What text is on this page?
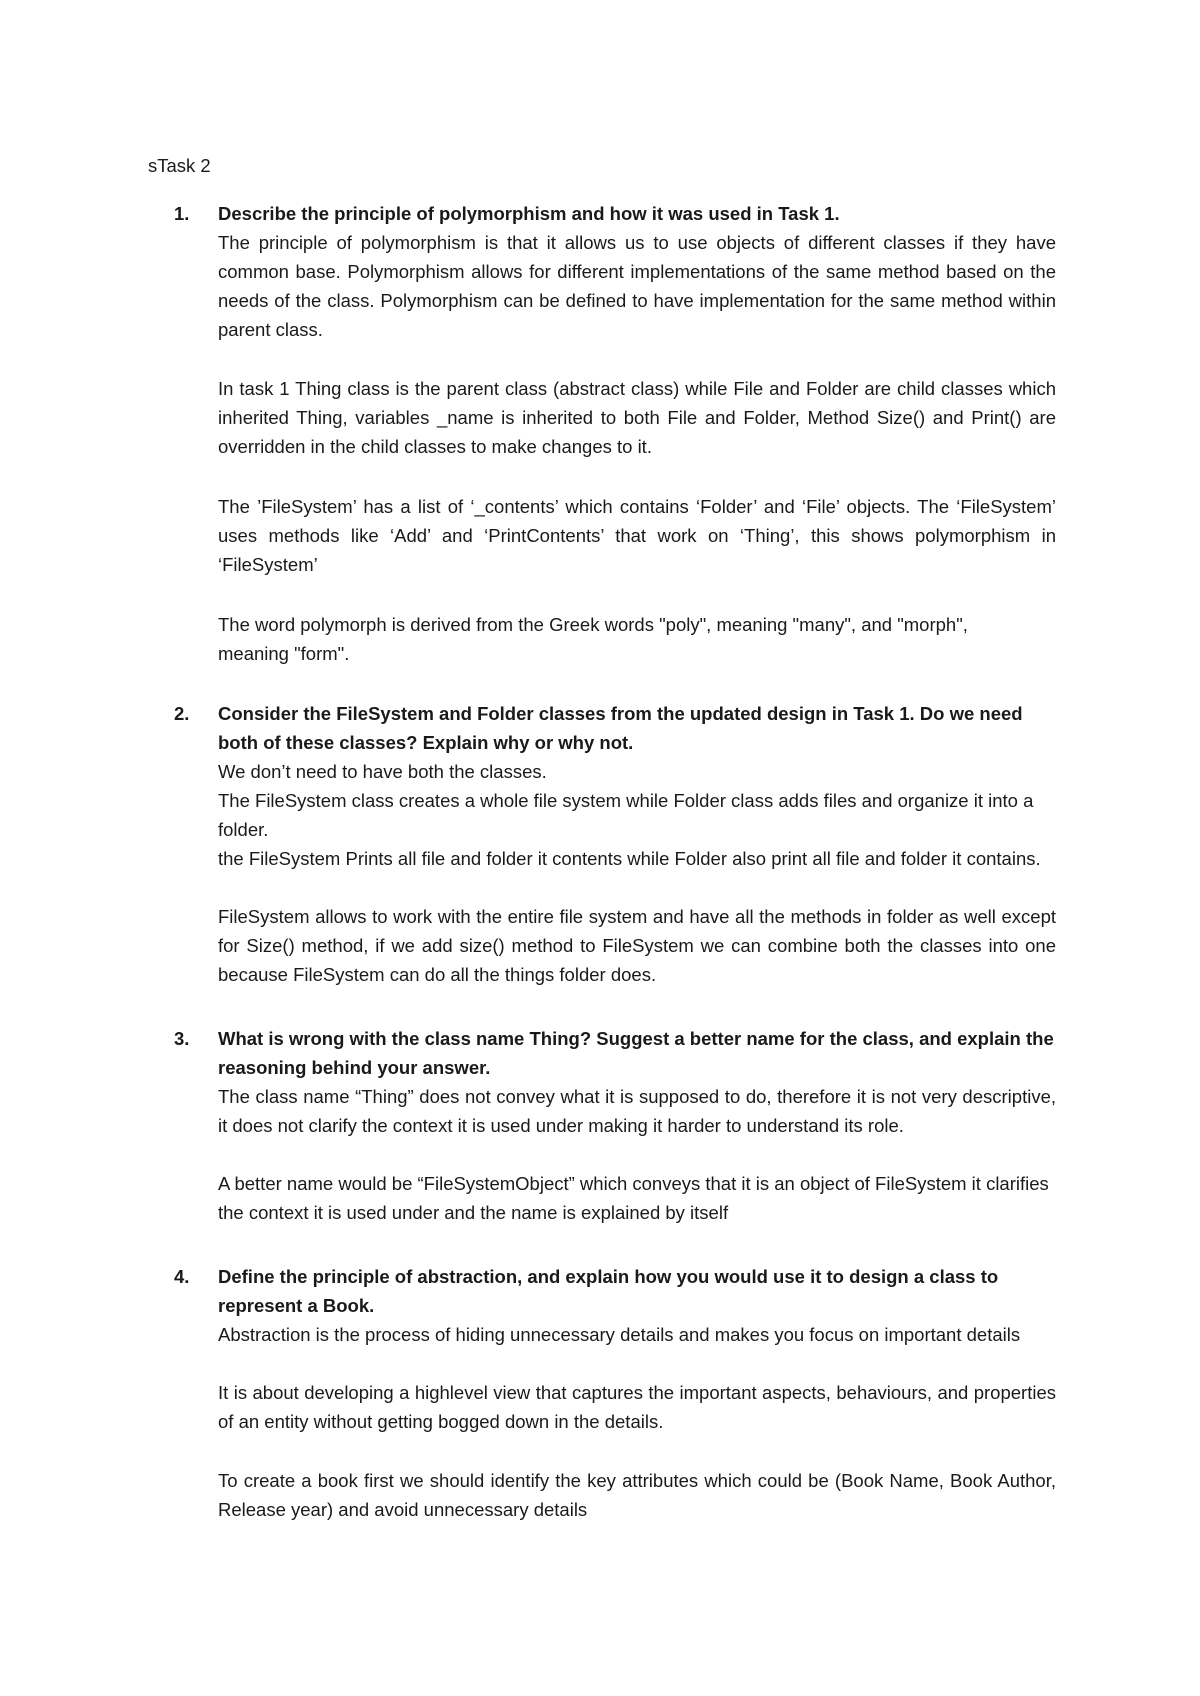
sTask 2
1. Describe the principle of polymorphism and how it was used in Task 1.

The principle of polymorphism is that it allows us to use objects of different classes if they have common base. Polymorphism allows for different implementations of the same method based on the needs of the class. Polymorphism can be defined to have implementation for the same method within parent class.

In task 1 Thing class is the parent class (abstract class) while File and Folder are child classes which inherited Thing, variables _name is inherited to both File and Folder, Method Size() and Print() are overridden in the child classes to make changes to it.

The ’FileSystem’ has a list of ‘_contents’ which contains ‘Folder’ and ‘File’ objects. The ‘FileSystem’ uses methods like ‘Add’ and ‘PrintContents’ that work on ‘Thing’, this shows polymorphism in ‘FileSystem’

The word polymorph is derived from the Greek words "poly", meaning "many", and "morph", meaning "form".

2. Consider the FileSystem and Folder classes from the updated design in Task 1. Do we need both of these classes? Explain why or why not.

We don’t need to have both the classes.

The FileSystem class creates a whole file system while Folder class adds files and organize it into a folder.

the FileSystem Prints all file and folder it contents while Folder also print all file and folder it contains.

FileSystem allows to work with the entire file system and have all the methods in folder as well except for Size() method, if we add size() method to FileSystem we can combine both the classes into one because FileSystem can do all the things folder does.

3. What is wrong with the class name Thing? Suggest a better name for the class, and explain the reasoning behind your answer.

The class name “Thing” does not convey what it is supposed to do, therefore it is not very descriptive, it does not clarify the context it is used under making it harder to understand its role.

A better name would be “FileSystemObject” which conveys that it is an object of FileSystem it clarifies the context it is used under and the name is explained by itself

4. Define the principle of abstraction, and explain how you would use it to design a class to represent a Book.

Abstraction is the process of hiding unnecessary details and makes you focus on important details

It is about developing a highlevel view that captures the important aspects, behaviours, and properties of an entity without getting bogged down in the details.

To create a book first we should identify the key attributes which could be (Book Name, Book Author, Release year) and avoid unnecessary details
